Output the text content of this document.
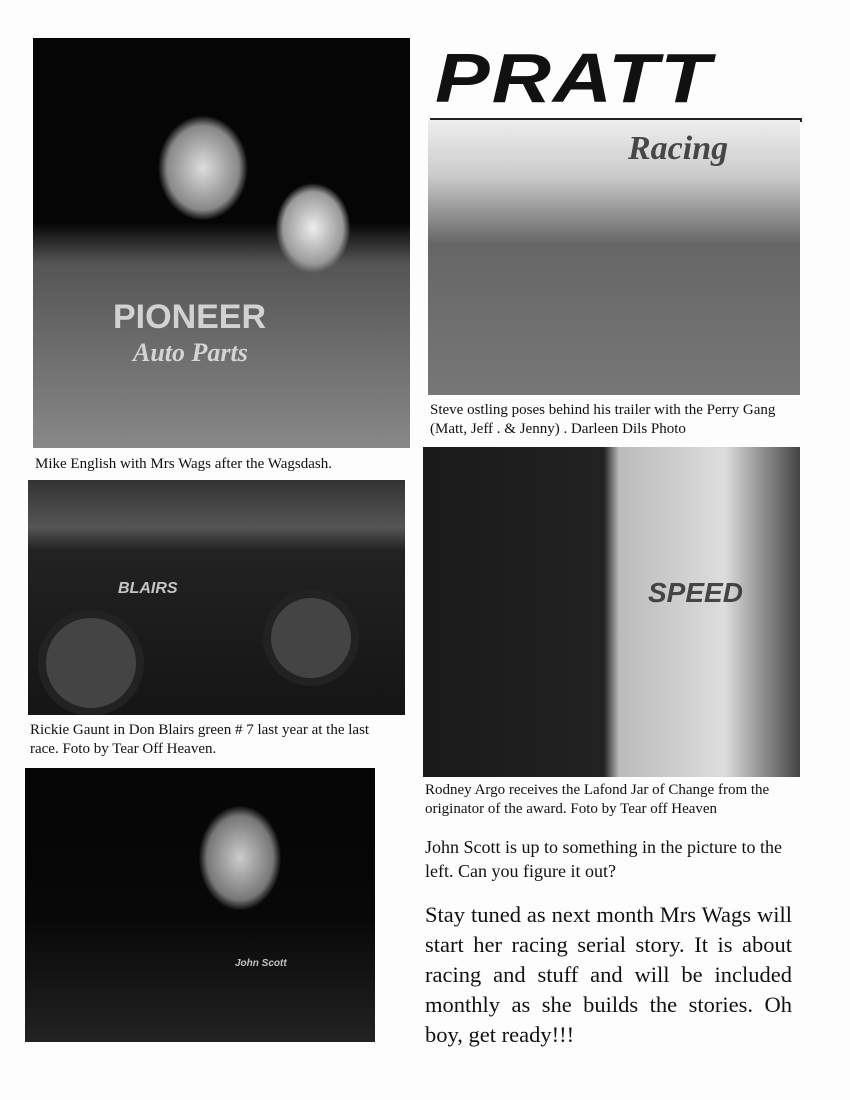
PIONEER
Auto Parts
Mike English with Mrs Wags after the Wagsdash.
PRATT
Racing
Steve ostling poses behind his trailer with the Perry Gang (Matt, Jeff . & Jenny) . Darleen Dils Photo
BLAIRS
Rickie Gaunt in Don Blairs green # 7 last year at the last race. Foto by Tear Off Heaven.
SPEED
Rodney Argo receives the Lafond Jar of Change from the originator of the award. Foto by Tear off Heaven
John Scott
John Scott is up to something in the picture to the left. Can you figure it out?
Stay tuned as next month Mrs Wags will start her racing serial story. It is about racing and stuff and will be included monthly as she builds the stories. Oh boy, get ready!!!
